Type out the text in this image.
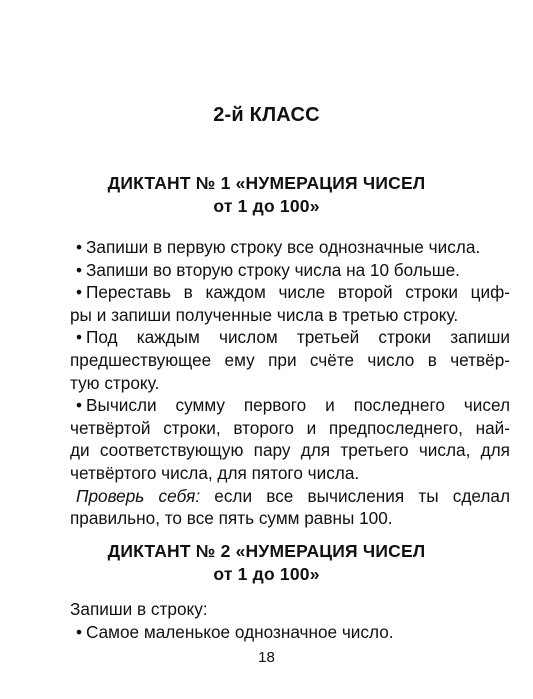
2-й КЛАСС
ДИКТАНТ № 1 «НУМЕРАЦИЯ ЧИСЕЛ
от 1 до 100»
• Запиши в первую строку все однозначные числа.
• Запиши во вторую строку числа на 10 больше.
• Переставь в каждом числе второй строки циф-
ры и запиши полученные числа в третью строку.
• Под каждым числом третьей строки запиши
предшествующее ему при счёте число в четвёр-
тую строку.
• Вычисли сумму первого и последнего чисел
четвёртой строки, второго и предпоследнего, най-
ди соответствующую пару для третьего числа, для
четвёртого числа, для пятого числа.
Проверь себя: если все вычисления ты сделал
правильно, то все пять сумм равны 100.
ДИКТАНТ № 2 «НУМЕРАЦИЯ ЧИСЕЛ
от 1 до 100»
Запиши в строку:
• Самое маленькое однозначное число.
18
